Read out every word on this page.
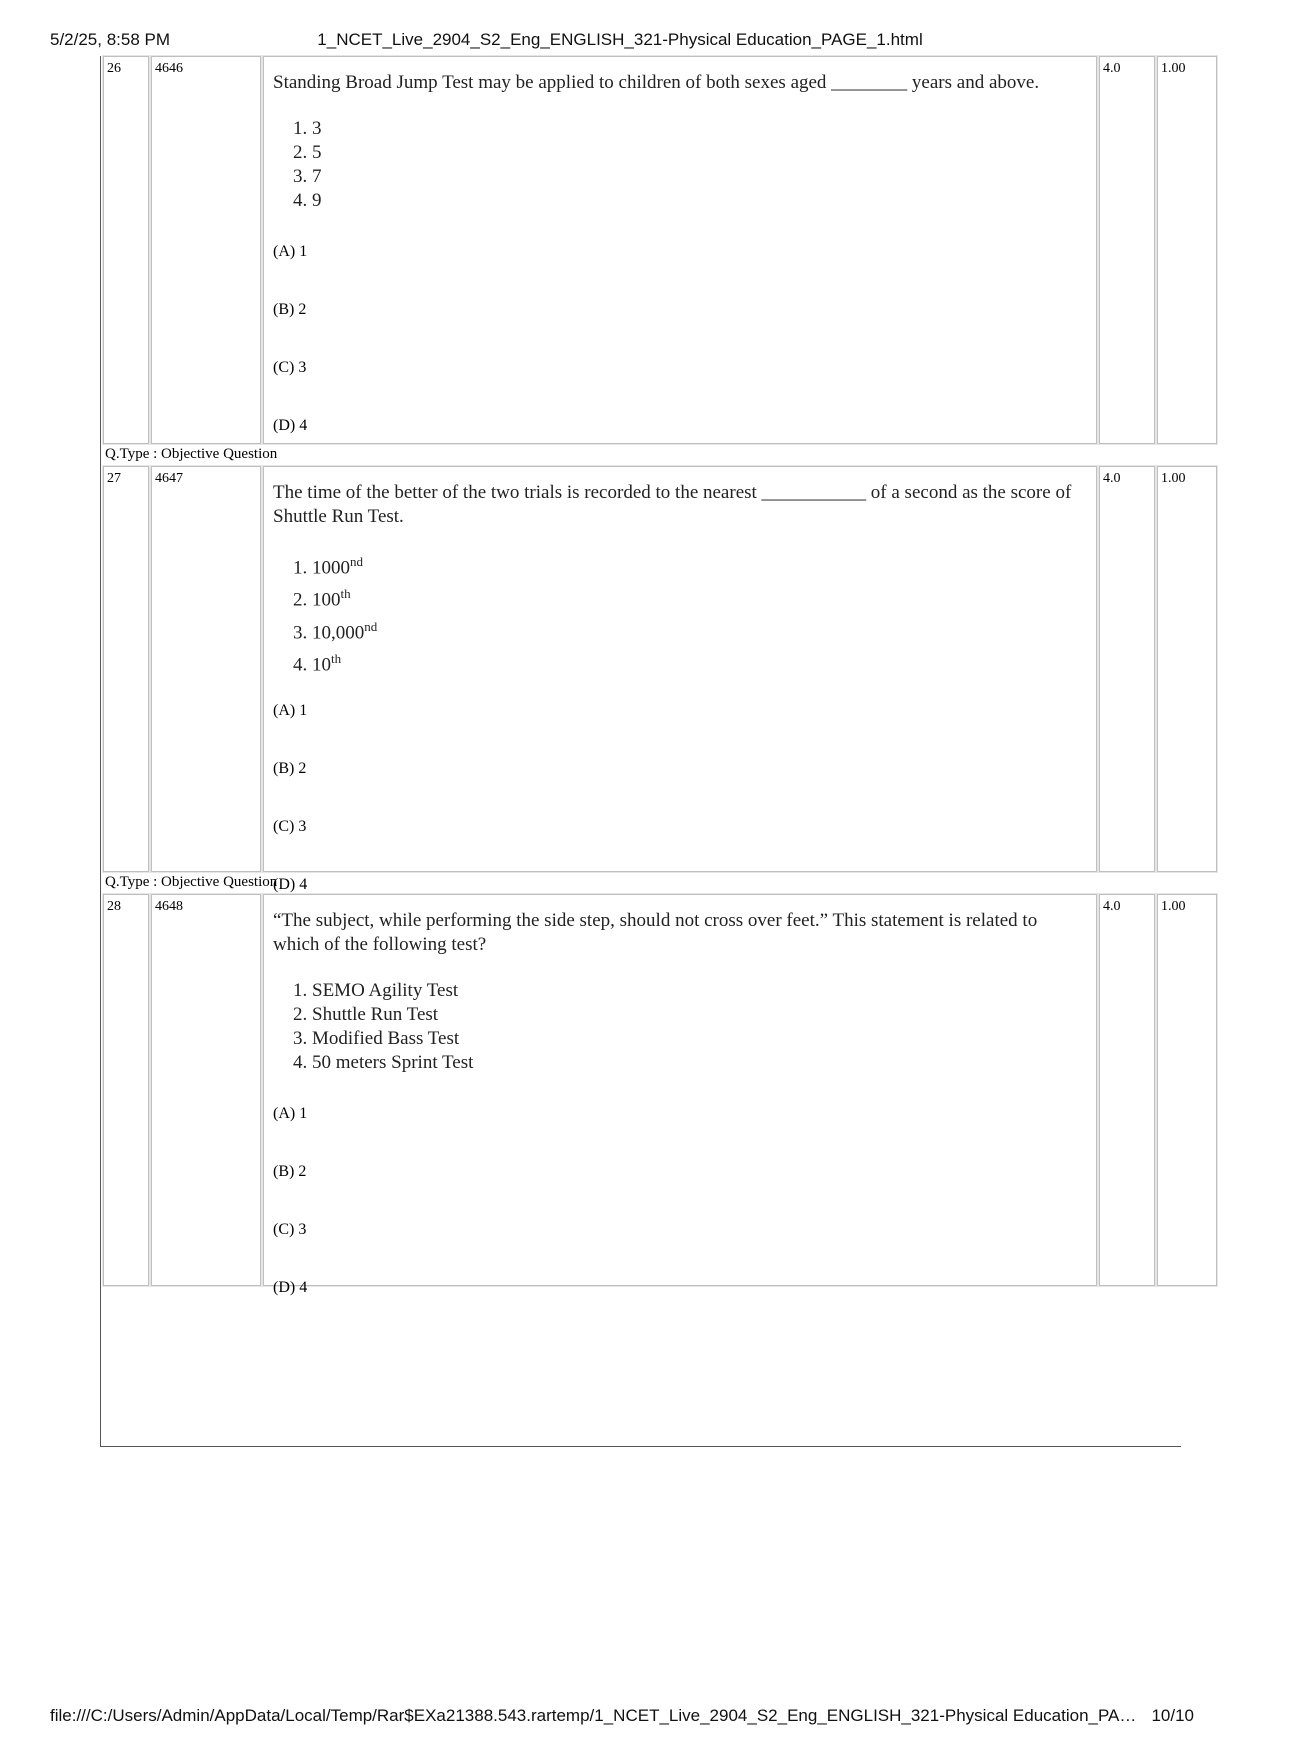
5/2/25, 8:58 PM	1_NCET_Live_2904_S2_Eng_ENGLISH_321-Physical Education_PAGE_1.html
26	4646
Standing Broad Jump Test may be applied to children of both sexes aged ________ years and above.
1. 3
2. 5
3. 7
4. 9
(A) 1
(B) 2
(C) 3
(D) 4
4.0	1.00
Q.Type : Objective Question
27	4647
The time of the better of the two trials is recorded to the nearest ___________ of a second as the score of Shuttle Run Test.
1. 1000nd
2. 100th
3. 10,000nd
4. 10th
(A) 1
(B) 2
(C) 3
(D) 4
4.0	1.00
Q.Type : Objective Question
28	4648
“The subject, while performing the side step, should not cross over feet.” This statement is related to which of the following test?
1. SEMO Agility Test
2. Shuttle Run Test
3. Modified Bass Test
4. 50 meters Sprint Test
(A) 1
(B) 2
(C) 3
(D) 4
4.0	1.00
file:///C:/Users/Admin/AppData/Local/Temp/Rar$EXa21388.543.rartemp/1_NCET_Live_2904_S2_Eng_ENGLISH_321-Physical Education_PA… 10/10
